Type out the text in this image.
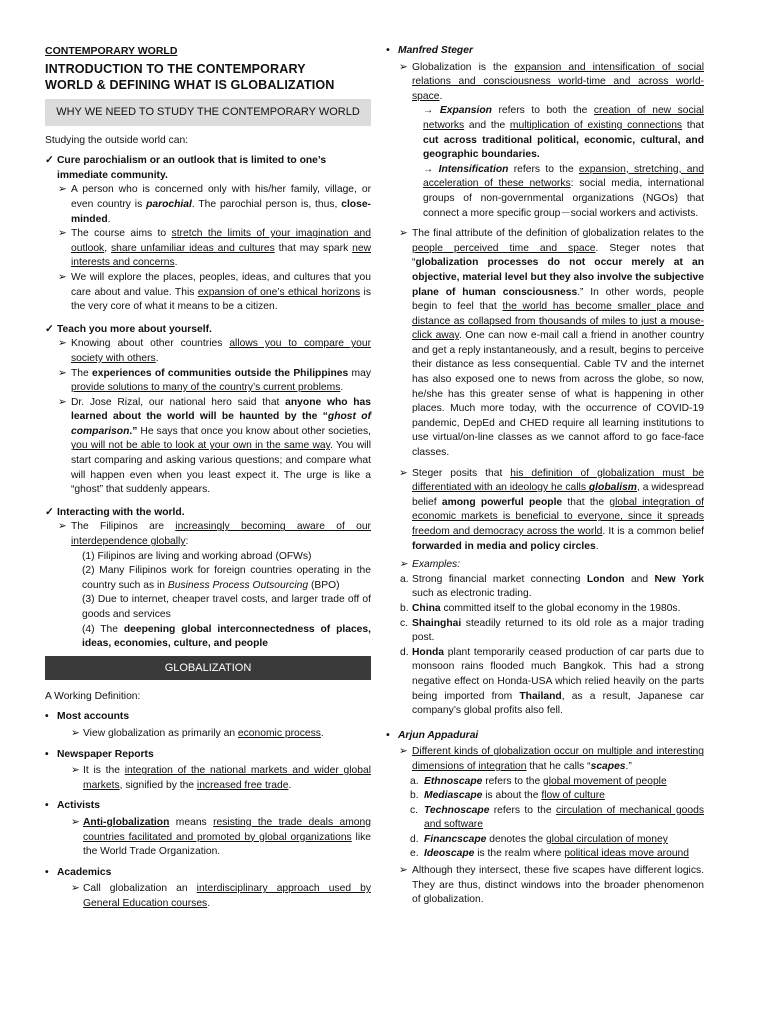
CONTEMPORARY WORLD
INTRODUCTION TO THE CONTEMPORARY
WORLD & DEFINING WHAT IS GLOBALIZATION
WHY WE NEED TO STUDY THE CONTEMPORARY WORLD

Studying the outside world can:

✓ Cure parochialism or an outlook that is limited to one’s immediate community.
➢ A person who is concerned only with his/her family, village, or even country is parochial. The parochial person is, thus, close-minded.
➢ The course aims to stretch the limits of your imagination and outlook, share unfamiliar ideas and cultures that may spark new interests and concerns.
➢ We will explore the places, peoples, ideas, and cultures that you care about and value. This expansion of one’s ethical horizons is the very core of what it means to be a citizen.
✓ Teach you more about yourself.
➢ Knowing about other countries allows you to compare your society with others.
➢ The experiences of communities outside the Philippines may provide solutions to many of the country’s current problems.
➢ Dr. Jose Rizal, our national hero said that anyone who has learned about the world will be haunted by the “ghost of comparison.” He says that once you know about other societies, you will not be able to look at your own in the same way. You will start comparing and asking various questions; and compare what will happen even when you least expect it. The urge is like a “ghost” that suddenly appears.
✓ Interacting with the world.
➢ The Filipinos are increasingly becoming aware of our interdependence globally:
(1) Filipinos are living and working abroad (OFWs)
(2) Many Filipinos work for foreign countries operating in the country such as in Business Process Outsourcing (BPO)
(3) Due to internet, cheaper travel costs, and larger trade off of goods and services
(4) The deepening global interconnectedness of places, ideas, economies, culture, and people
GLOBALIZATION

A Working Definition:

• Most accounts
➢ View globalization as primarily an economic process.
• Newspaper Reports
➢ It is the integration of the national markets and wider global markets, signified by the increased free trade.
• Activists
➢ Anti-globalization means resisting the trade deals among countries facilitated and promoted by global organizations like the World Trade Organization.
• Academics
➢ Call globalization an interdisciplinary approach used by General Education courses.
• Manfred Steger
➢ Globalization is the expansion and intensification of social relations and consciousness world-time and across world-space.
→ Expansion refers to both the creation of new social networks and the multiplication of existing connections that cut across traditional political, economic, cultural, and geographic boundaries.
→ Intensification refers to the expansion, stretching, and acceleration of these networks: social media, international groups of non-governmental organizations (NGOs) that connect a more specific group－social workers and activists.
➢ The final attribute of the definition of globalization relates to the people perceived time and space. Steger notes that “globalization processes do not occur merely at an objective, material level but they also involve the subjective plane of human consciousness.” In other words, people begin to feel that the world has become smaller place and distance as collapsed from thousands of miles to just a mouse-click away. One can now e-mail call a friend in another country and get a reply instantaneously, and a result, begins to perceive their distance as less consequential. Cable TV and the internet has also exposed one to news from across the globe, so now, he/she has this greater sense of what is happening in other places. Much more today, with the occurrence of COVID-19 pandemic, DepEd and CHED require all learning institutions to use virtual/on-line classes as we cannot afford to go face-face classes.
➢ Steger posits that his definition of globalization must be differentiated with an ideology he calls globalism, a widespread belief among powerful people that the global integration of economic markets is beneficial to everyone, since it spreads freedom and democracy across the world. It is a common belief forwarded in media and policy circles.
➢ Examples:
a. Strong financial market connecting London and New York such as electronic trading.
b. China committed itself to the global economy in the 1980s.
c. Shainghai steadily returned to its old role as a major trading post.
d. Honda plant temporarily ceased production of car parts due to monsoon rains flooded much Bangkok. This had a strong negative effect on Honda-USA which relied heavily on the parts being imported from Thailand, as a result, Japanese car company’s global profits also fell.
• Arjun Appadurai
➢ Different kinds of globalization occur on multiple and interesting dimensions of integration that he calls “scapes.”
a. Ethnoscape refers to the global movement of people
b. Mediascape is about the flow of culture
c. Technoscape refers to the circulation of mechanical goods and software
d. Financscape denotes the global circulation of money
e. Ideoscape is the realm where political ideas move around
➢ Although they intersect, these five scapes have different logics. They are thus, distinct windows into the broader phenomenon of globalization.
